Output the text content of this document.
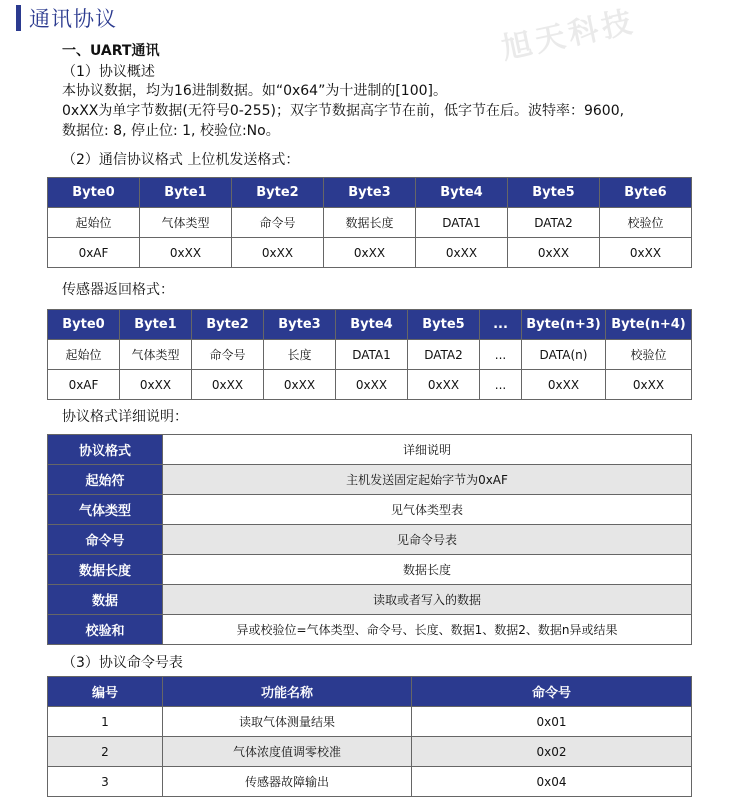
通讯协议	旭天科技
一、UART通讯
（1）协议概述
本协议数据，均为16进制数据。如“0x64”为十进制的[100]。
0xXX为单字节数据(无符号0-255)；双字节数据高字节在前，低字节在后。波特率：9600,
数据位: 8, 停止位: 1, 校验位:No。
（2）通信协议格式 上位机发送格式：
Byte0	Byte1	Byte2	Byte3	Byte4	Byte5	Byte6
起始位	气体类型	命令号	数据长度	DATA1	DATA2	校验位
0xAF	0xXX	0xXX	0xXX	0xXX	0xXX	0xXX
传感器返回格式：
Byte0	Byte1	Byte2	Byte3	Byte4	Byte5	...	Byte(n+3)	Byte(n+4)
起始位	气体类型	命令号	长度	DATA1	DATA2	...	DATA(n)	校验位
0xAF	0xXX	0xXX	0xXX	0xXX	0xXX	...	0xXX	0xXX
协议格式详细说明：
协议格式	详细说明
起始符	主机发送固定起始字节为0xAF
气体类型	见气体类型表
命令号	见命令号表
数据长度	数据长度
数据	读取或者写入的数据
校验和	异或校验位=气体类型、命令号、长度、数据1、数据2、数据n异或结果
（3）协议命令号表
编号	功能名称	命令号
1	读取气体测量结果	0x01
2	气体浓度值调零校准	0x02
3	传感器故障输出	0x04
